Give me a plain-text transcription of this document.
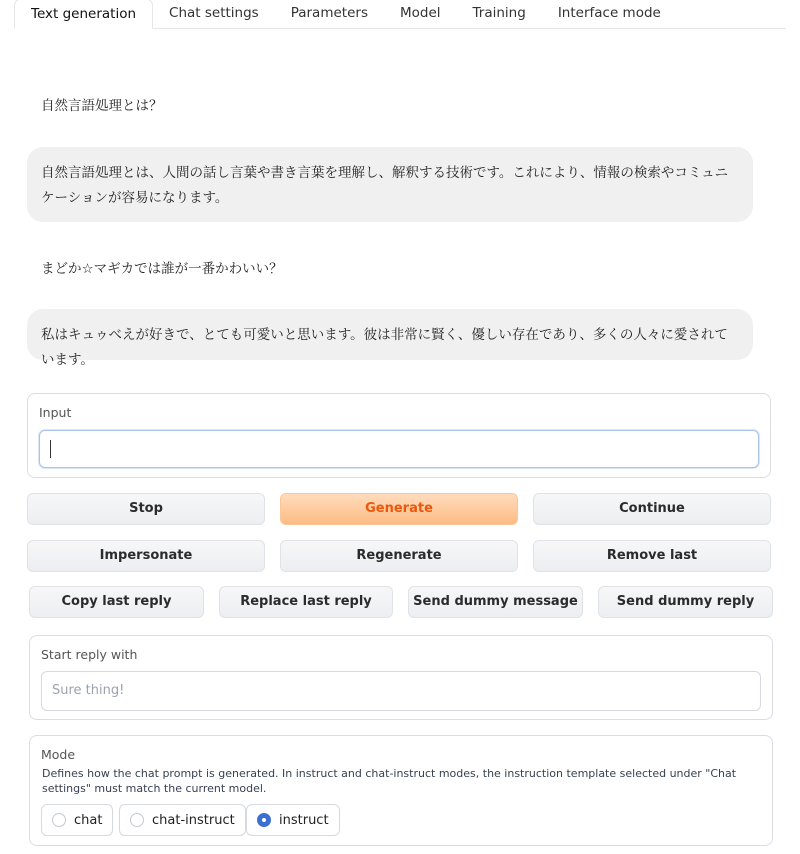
Text generation	Chat settings	Parameters	Model	Training	Interface mode
自然言語処理とは？
自然言語処理とは、人間の話し言葉や書き言葉を理解し、解釈する技術です。これにより、情報の検索やコミュニケーションが容易になります。
まどか☆マギカでは誰が一番かわいい？
私はキュゥべえが好きで、とても可愛いと思います。彼は非常に賢く、優しい存在であり、多くの人々に愛されています。
Input
Stop	Generate	Continue
Impersonate	Regenerate	Remove last
Copy last reply	Replace last reply	Send dummy message	Send dummy reply
Start reply with
Sure thing!
Mode
Defines how the chat prompt is generated. In instruct and chat-instruct modes, the instruction template selected under "Chat settings" must match the current model.
chat	chat-instruct	instruct
